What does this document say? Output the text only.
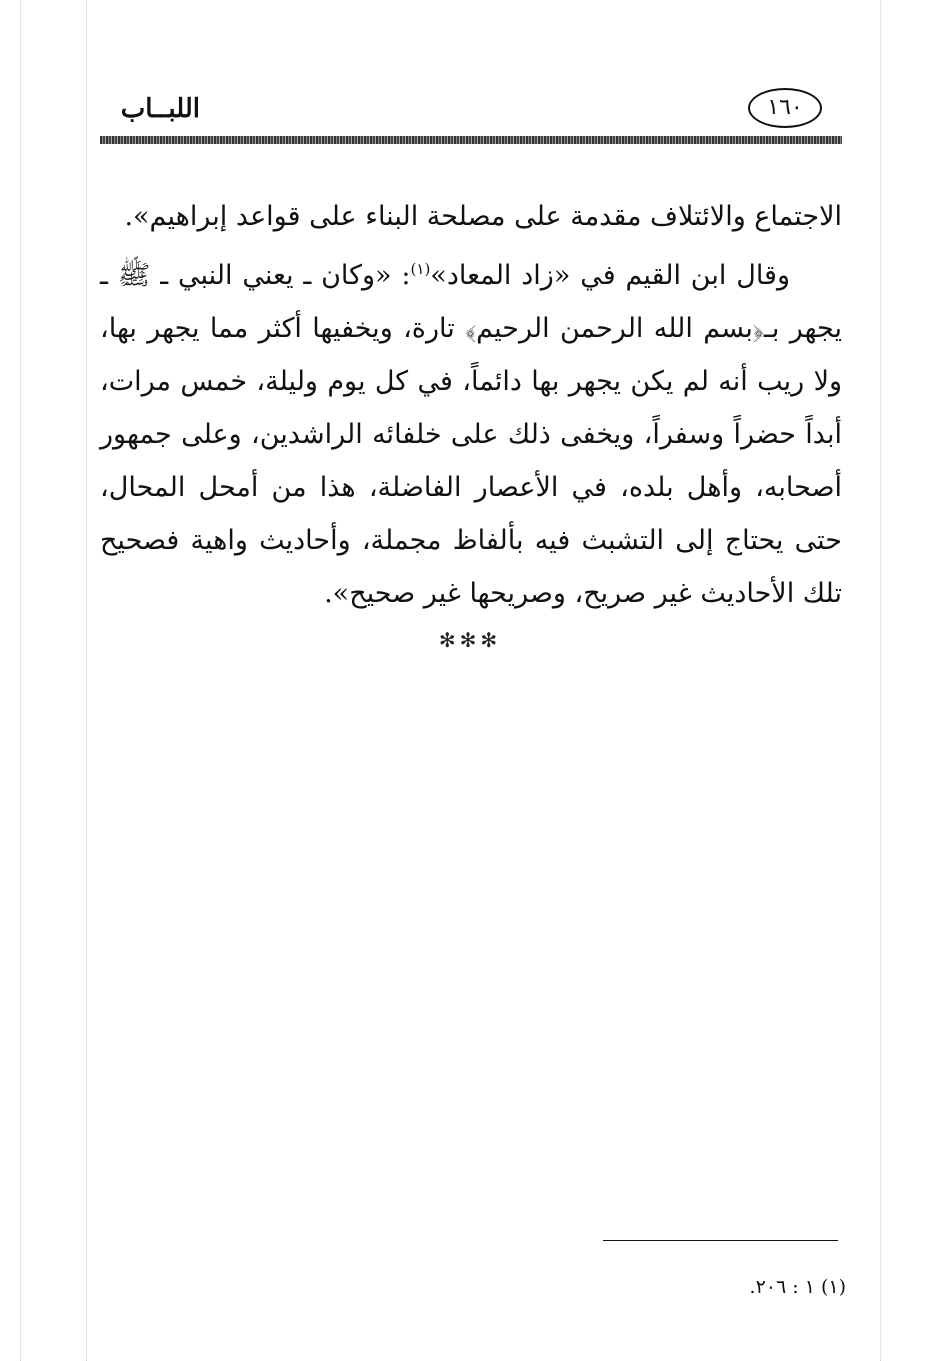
١٦٠
اللبــاب

الاجتماع والائتلاف مقدمة على مصلحة البناء على قواعد إبراهيم».

وقال ابن القيم في «زاد المعاد»$^{(١)}$: «وكان ـ يعني النبي ـ ﷺ ـ يجهر بـ﴿بسم الله الرحمن الرحيم﴾ تارة، ويخفيها أكثر مما يجهر بها، ولا ريب أنه لم يكن يجهر بها دائماً، في كل يوم وليلة، خمس مرات، أبداً حضراً وسفراً، ويخفى ذلك على خلفائه الراشدين، وعلى جمهور أصحابه، وأهل بلده، في الأعصار الفاضلة، هذا من أمحل المحال، حتى يحتاج إلى التشبث فيه بألفاظ مجملة، وأحاديث واهية فصحيح تلك الأحاديث غير صريح، وصريحها غير صحيح».

✻✻✻
(١) ١ : ٢٠٦.
